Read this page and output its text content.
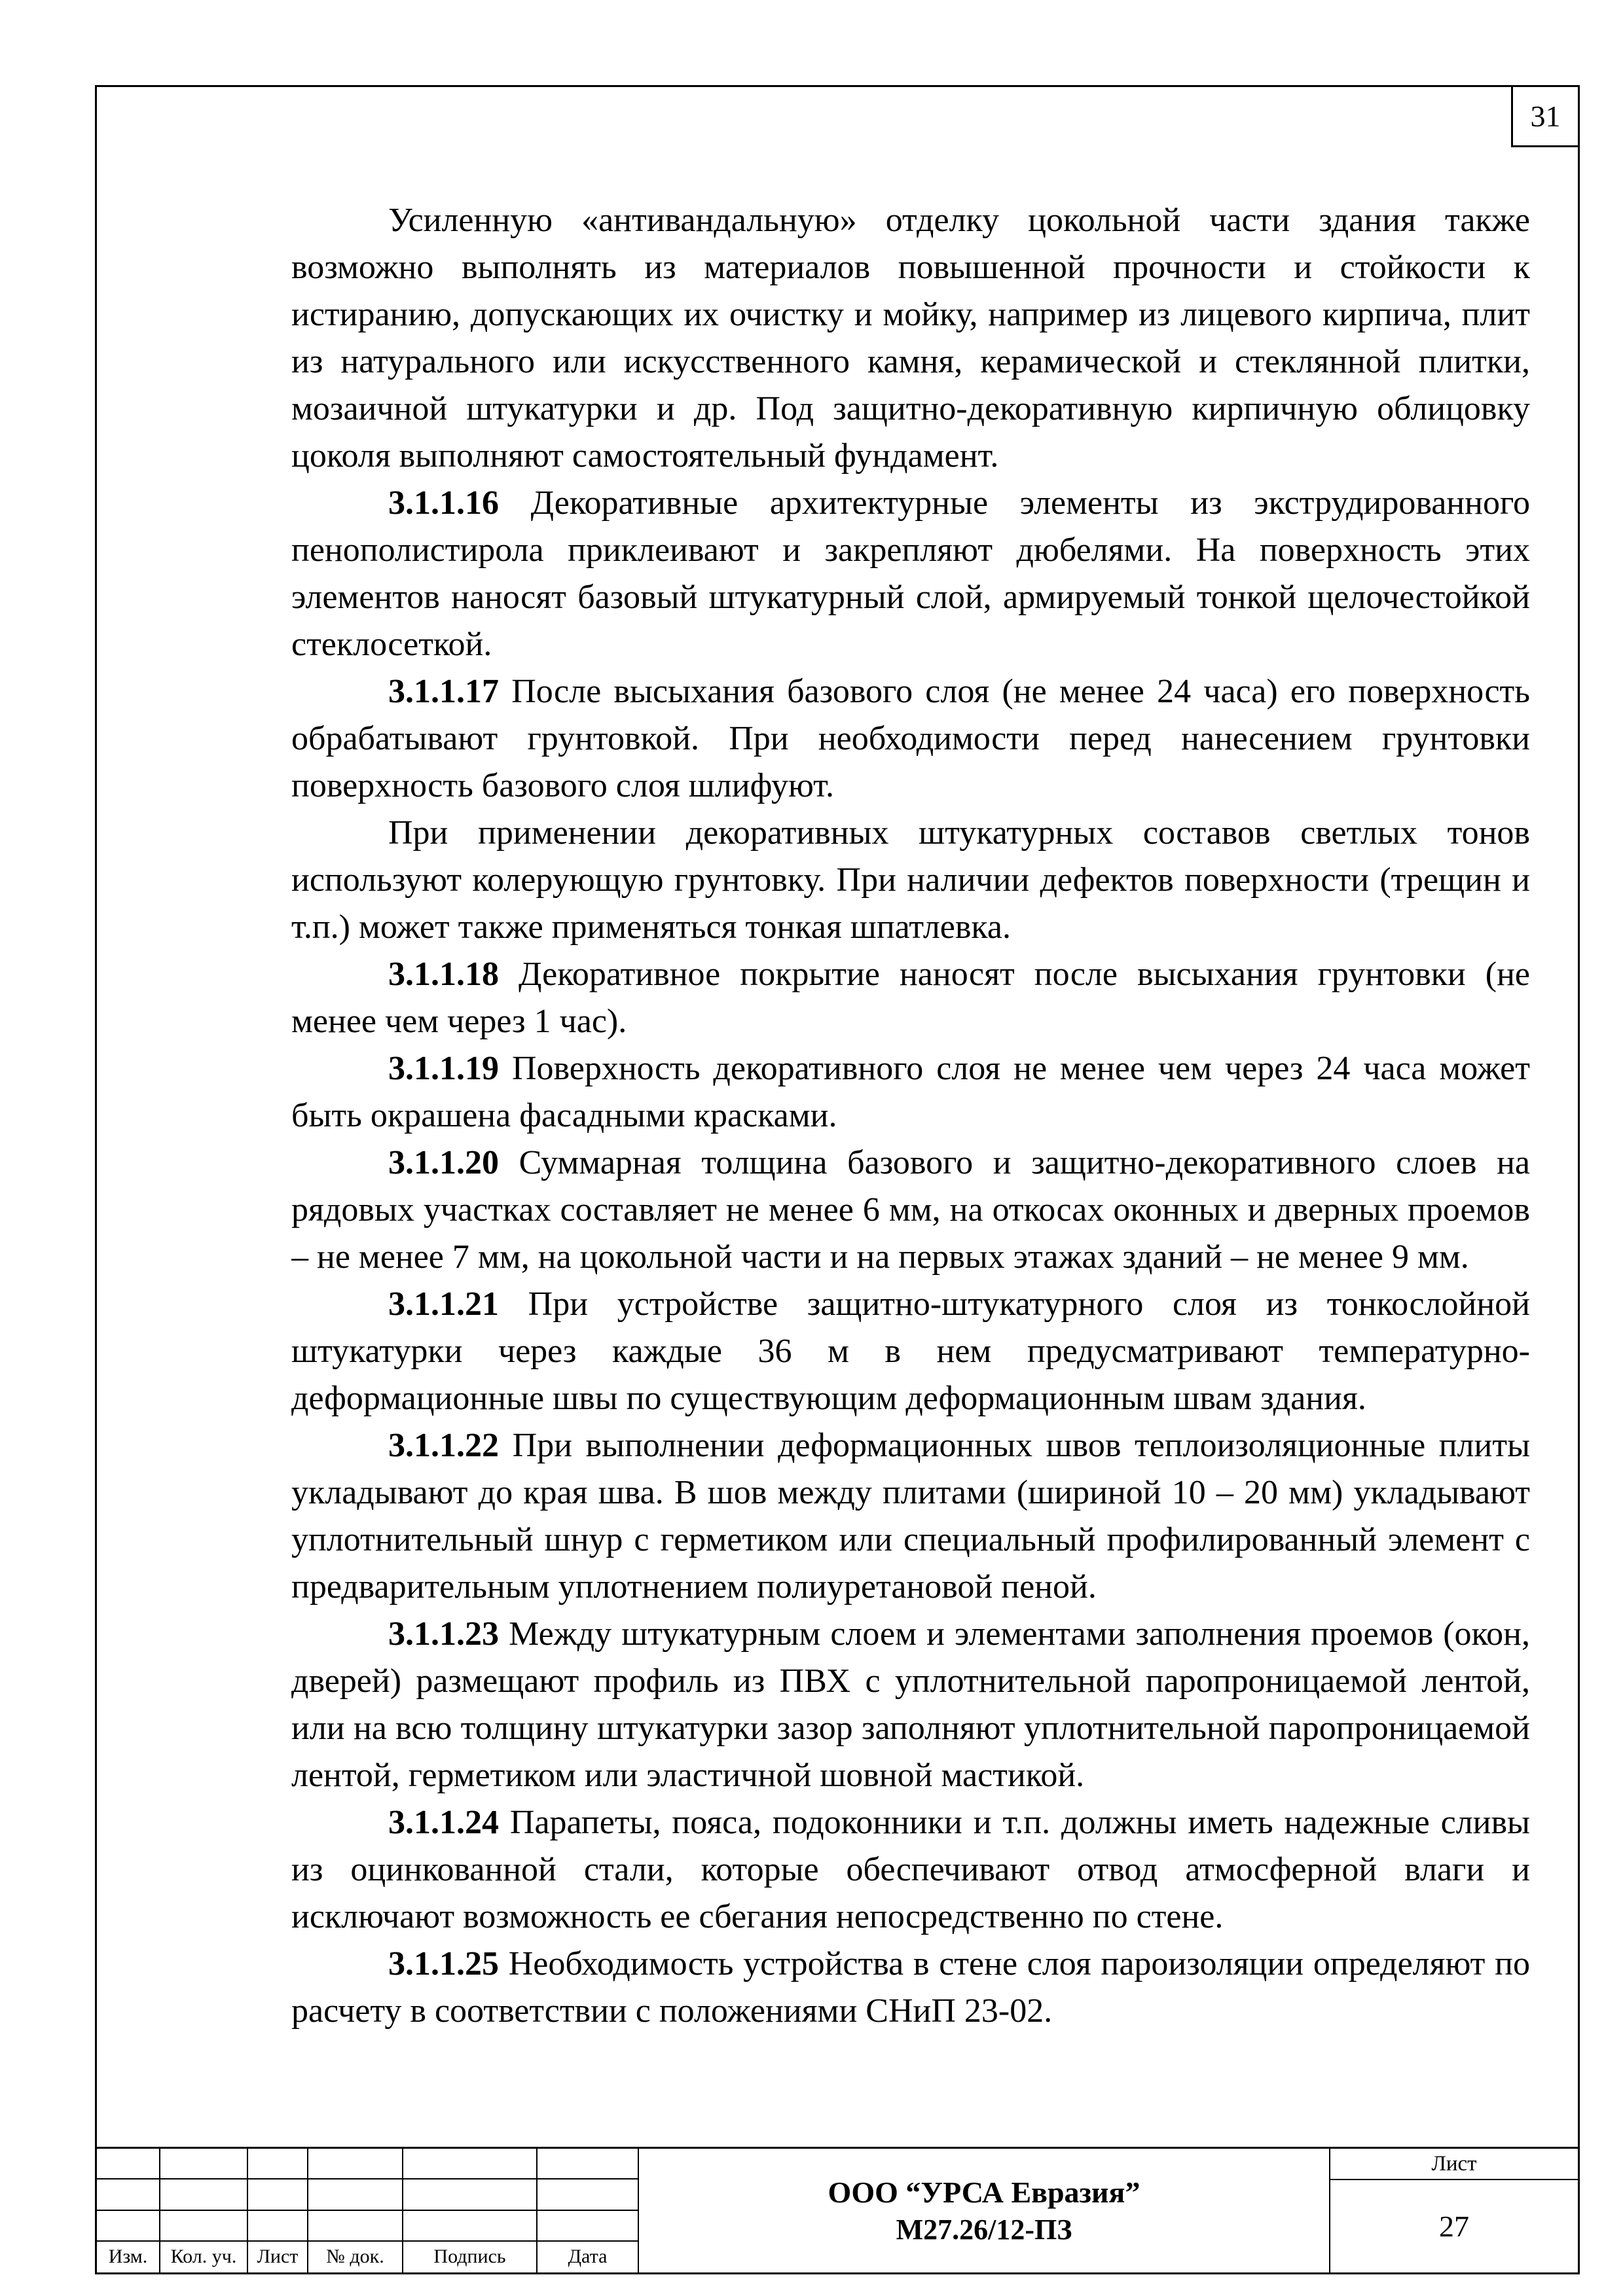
31

Усиленную «антивандальную» отделку цокольной части здания также возможно выполнять из материалов повышенной прочности и стойкости к истиранию, допускающих их очистку и мойку, например из лицевого кирпича, плит из натурального или искусственного камня, керамической и стеклянной плитки, мозаичной штукатурки и др. Под защитно-декоративную кирпичную облицовку цоколя выполняют самостоятельный фундамент.

3.1.1.16 Декоративные архитектурные элементы из экструдированного пенополистирола приклеивают и закрепляют дюбелями. На поверхность этих элементов наносят базовый штукатурный слой, армируемый тонкой щелочестойкой стеклосеткой.

3.1.1.17 После высыхания базового слоя (не менее 24 часа) его поверхность обрабатывают грунтовкой. При необходимости перед нанесением грунтовки поверхность базового слоя шлифуют.

При применении декоративных штукатурных составов светлых тонов используют колерующую грунтовку. При наличии дефектов поверхности (трещин и т.п.) может также применяться тонкая шпатлевка.

3.1.1.18 Декоративное покрытие наносят после высыхания грунтовки (не менее чем через 1 час).

3.1.1.19 Поверхность декоративного слоя не менее чем через 24 часа может быть окрашена фасадными красками.

3.1.1.20 Суммарная толщина базового и защитно-декоративного слоев на рядовых участках составляет не менее 6 мм, на откосах оконных и дверных проемов – не менее 7 мм, на цокольной части и на первых этажах зданий – не менее 9 мм.

3.1.1.21 При устройстве защитно-штукатурного слоя из тонкослойной штукатурки через каждые 36 м в нем предусматривают температурно-деформационные швы по существующим деформационным швам здания.

3.1.1.22 При выполнении деформационных швов теплоизоляционные плиты укладывают до края шва. В шов между плитами (шириной 10 – 20 мм) укладывают уплотнительный шнур с герметиком или специальный профилированный элемент с предварительным уплотнением полиуретановой пеной.

3.1.1.23 Между штукатурным слоем и элементами заполнения проемов (окон, дверей) размещают профиль из ПВХ с уплотнительной паропроницаемой лентой, или на всю толщину штукатурки зазор заполняют уплотнительной паропроницаемой лентой, герметиком или эластичной шовной мастикой.

3.1.1.24 Парапеты, пояса, подоконники и т.п. должны иметь надежные сливы из оцинкованной стали, которые обеспечивают отвод атмосферной влаги и исключают возможность ее сбегания непосредственно по стене.

3.1.1.25 Необходимость устройства в стене слоя пароизоляции определяют по расчету в соответствии с положениями СНиП 23-02.

Изм.	Кол. уч.	Лист	№ док.	Подпись	Дата
ООО “УРСА Евразия”
М27.26/12-ПЗ
Лист
27
